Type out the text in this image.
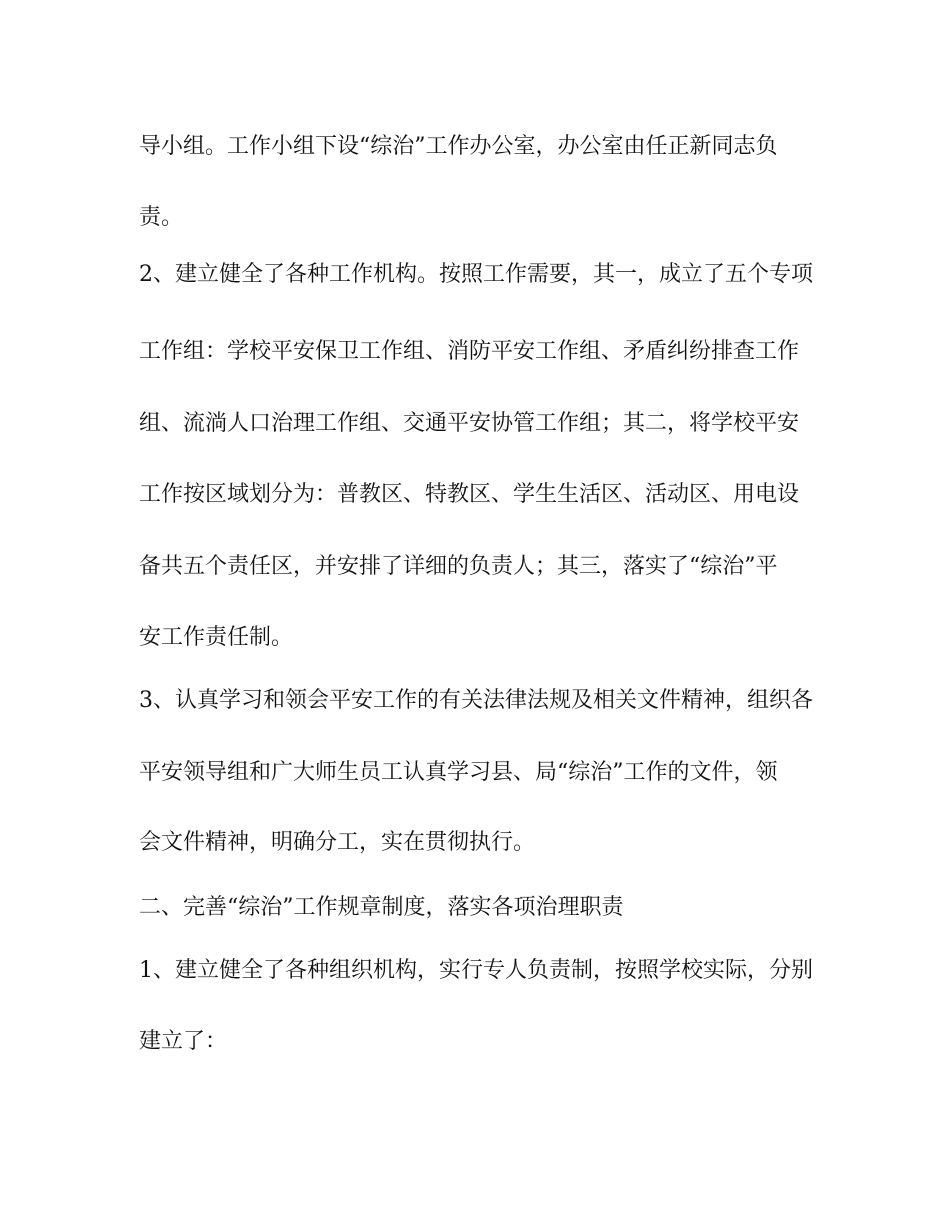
导小组。工作小组下设“综治”工作办公室，办公室由任正新同志负
责。
2、建立健全了各种工作机构。按照工作需要，其一，成立了五个专项
工作组：学校平安保卫工作组、消防平安工作组、矛盾纠纷排查工作
组、流淌人口治理工作组、交通平安协管工作组；其二，将学校平安
工作按区域划分为：普教区、特教区、学生生活区、活动区、用电设
备共五个责任区，并安排了详细的负责人；其三，落实了“综治”平
安工作责任制。
3、认真学习和领会平安工作的有关法律法规及相关文件精神，组织各
平安领导组和广大师生员工认真学习县、局“综治”工作的文件，领
会文件精神，明确分工，实在贯彻执行。
二、完善“综治”工作规章制度，落实各项治理职责
1、建立健全了各种组织机构，实行专人负责制，按照学校实际，分别
建立了：
